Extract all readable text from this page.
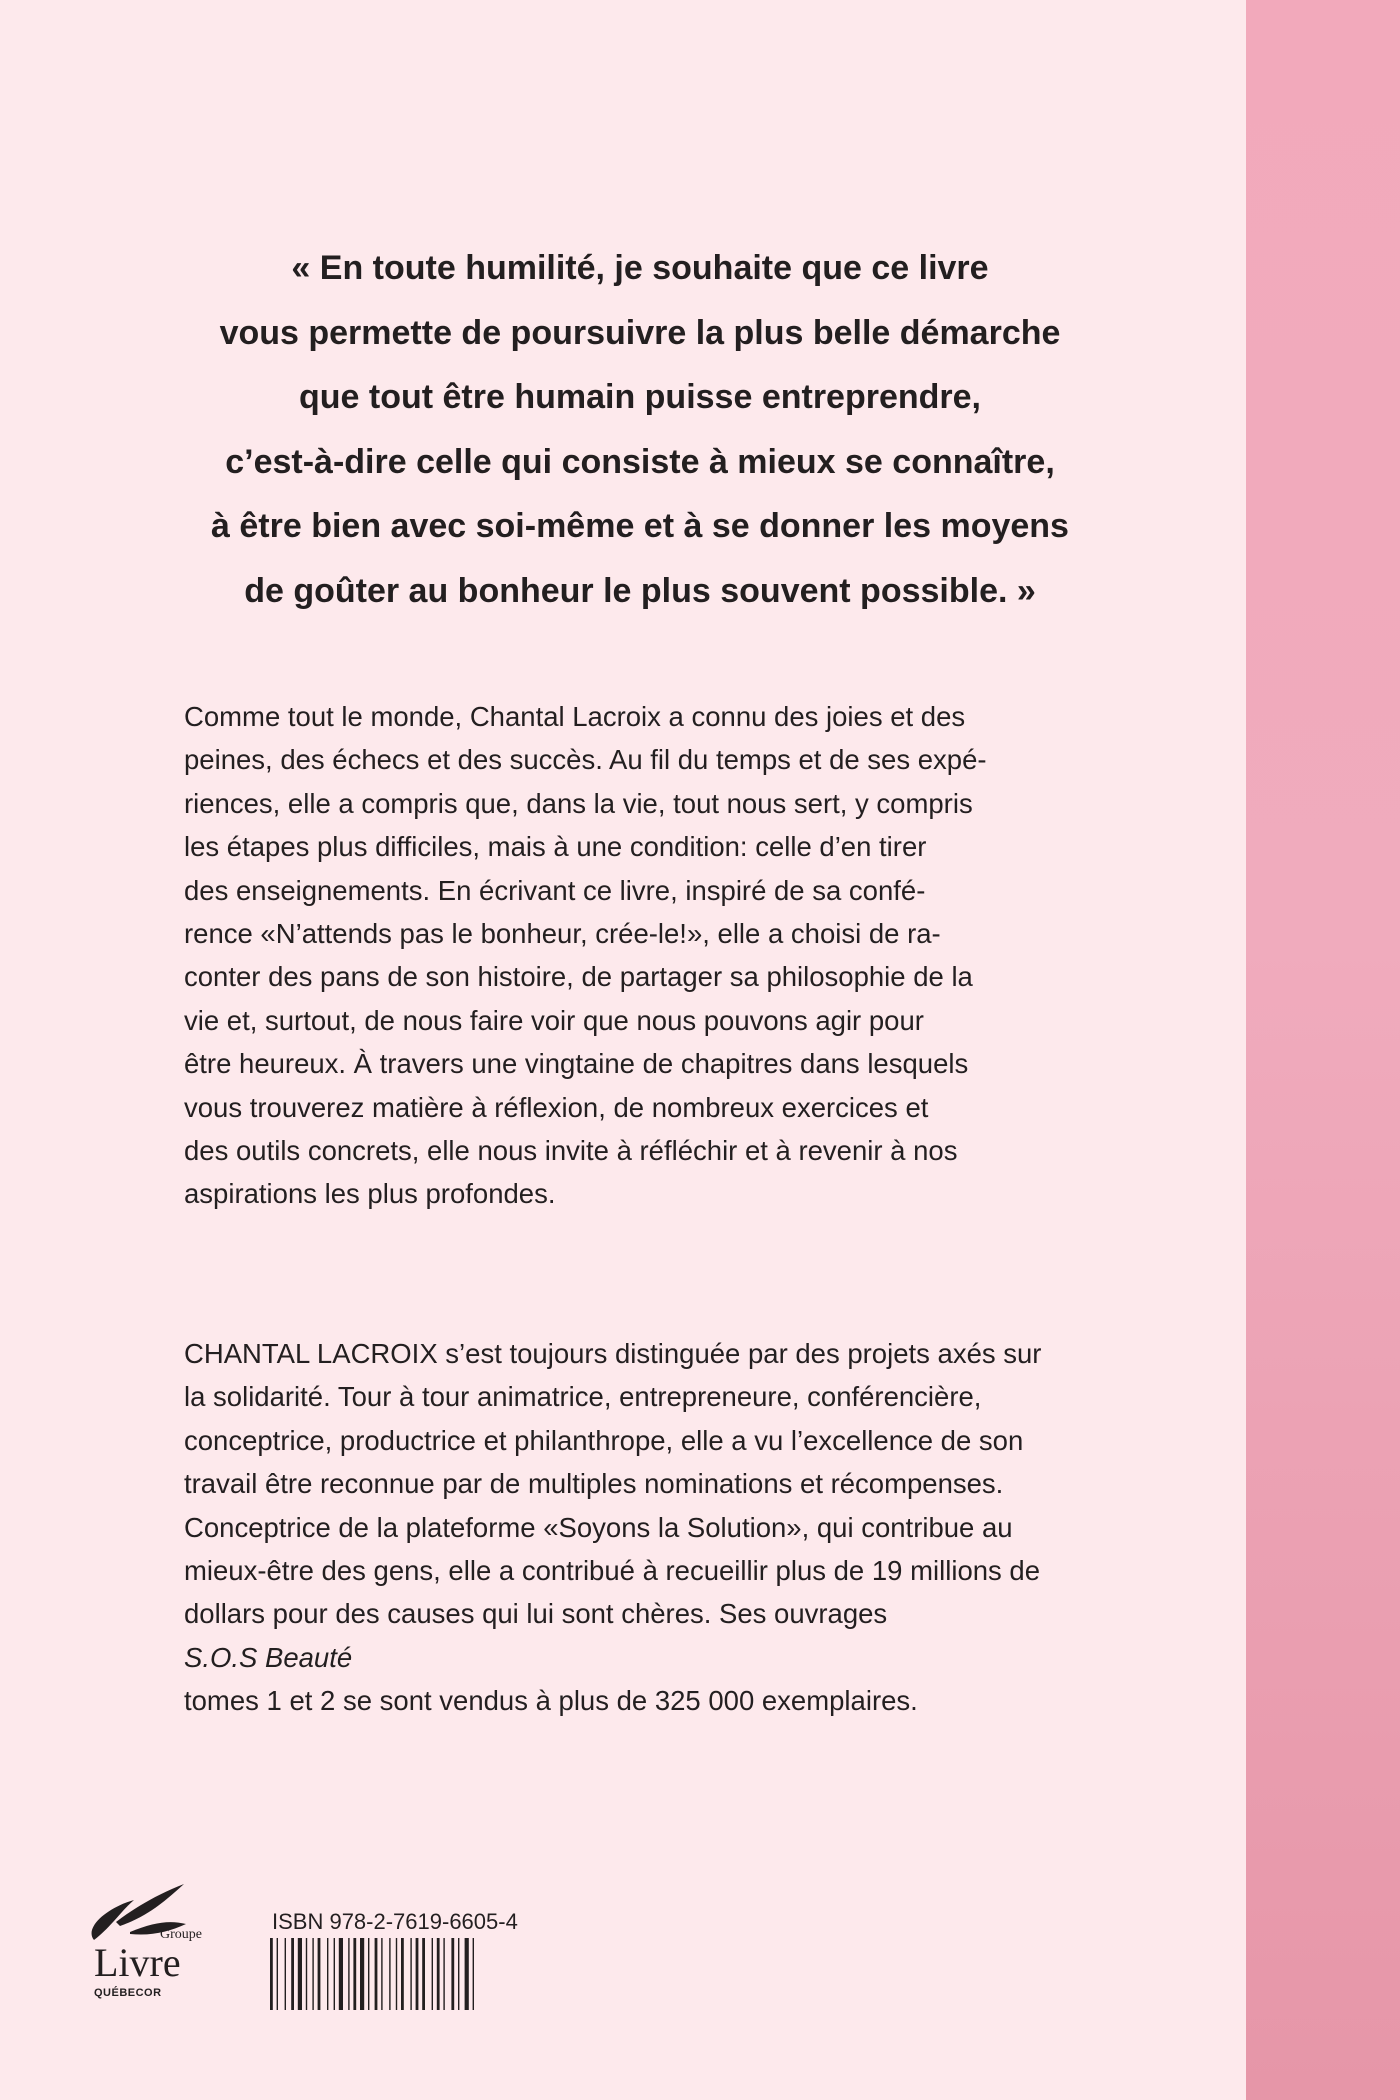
« En toute humilité, je souhaite que ce livre
vous permette de poursuivre la plus belle démarche
que tout être humain puisse entreprendre,
c’est-à-dire celle qui consiste à mieux se connaître,
à être bien avec soi-même et à se donner les moyens
de goûter au bonheur le plus souvent possible. »
Comme tout le monde, Chantal Lacroix a connu des joies et des
peines, des échecs et des succès. Au fil du temps et de ses expé-
riences, elle a compris que, dans la vie, tout nous sert, y compris
les étapes plus difficiles, mais à une condition: celle d’en tirer
des enseignements. En écrivant ce livre, inspiré de sa confé-
rence «N’attends pas le bonheur, crée-le!», elle a choisi de ra-
conter des pans de son histoire, de partager sa philosophie de la
vie et, surtout, de nous faire voir que nous pouvons agir pour
être heureux. À travers une vingtaine de chapitres dans lesquels
vous trouverez matière à réflexion, de nombreux exercices et
des outils concrets, elle nous invite à réfléchir et à revenir à nos
aspirations les plus profondes.
CHANTAL LACROIX s’est toujours distinguée par des projets axés sur
la solidarité. Tour à tour animatrice, entrepreneure, conférencière,
conceptrice, productrice et philanthrope, elle a vu l’excellence de son
travail être reconnue par de multiples nominations et récompenses.
Conceptrice de la plateforme «Soyons la Solution», qui contribue au
mieux-être des gens, elle a contribué à recueillir plus de 19 millions de
dollars pour des causes qui lui sont chères. Ses ouvrages
S.O.S Beauté
tomes 1 et 2 se sont vendus à plus de 325 000 exemplaires.
Groupe
Livre
QUÉBECOR
ISBN 978-2-7619-6605-4
